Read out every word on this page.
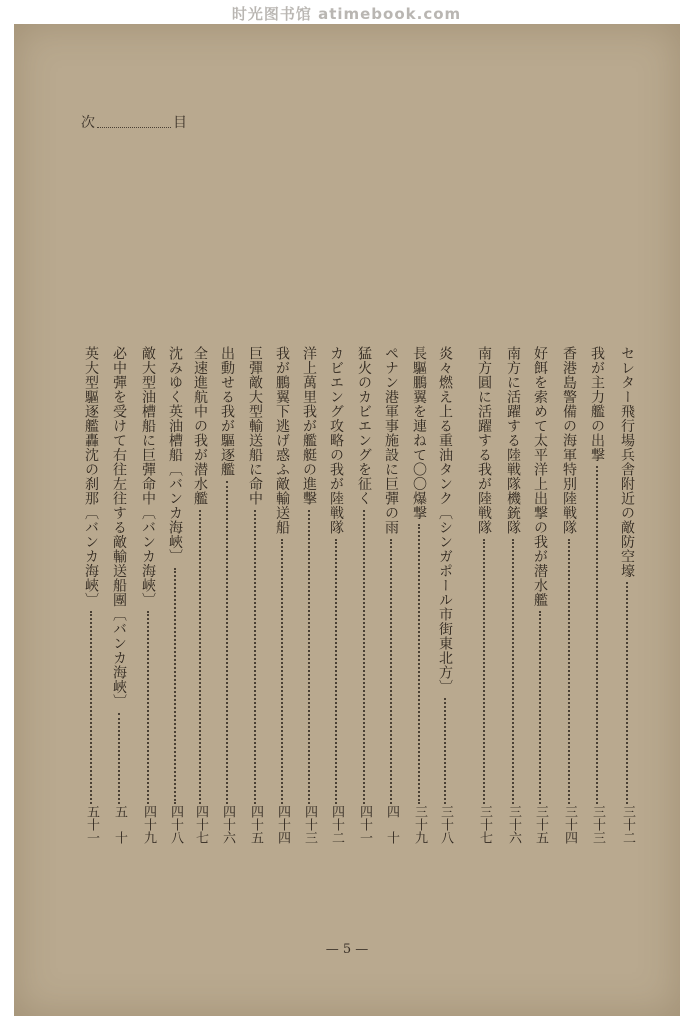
时光图书馆 atimebook.com
次	目
セレター飛行場兵舎附近の敵防空壕
三十二
我が主力艦の出撃
三十三
香港島警備の海軍特別陸戦隊
三十四
好餌を索めて太平洋上出撃の我が潜水艦
三十五
南方に活躍する陸戦隊機銃隊
三十六
南方圓に活躍する我が陸戦隊
三十七
炎々燃え上る重油タンク〔シンガポール市街東北方〕
三十八
長驅鵬翼を連ねて〇〇爆撃
三十九
ペナン港軍事施設に巨彈の雨
四　十
猛火のカビエングを征く
四十一
カビエング攻略の我が陸戦隊
四十二
洋上萬里我が艦艇の進擊
四十三
我が鵬翼下逃げ惑ふ敵輸送船
四十四
巨彈敵大型輸送船に命中
四十五
出動せる我が驅逐艦
四十六
全速進航中の我が潜水艦
四十七
沈みゆく英油槽船〔バンカ海峽〕
四十八
敵大型油槽船に巨彈命中〔バンカ海峽〕
四十九
必中彈を受けて右往左往する敵輸送船團〔バンカ海峽〕
五　十
英大型驅逐艦轟沈の刹那〔バンカ海峽〕
五十一
— 5 —
